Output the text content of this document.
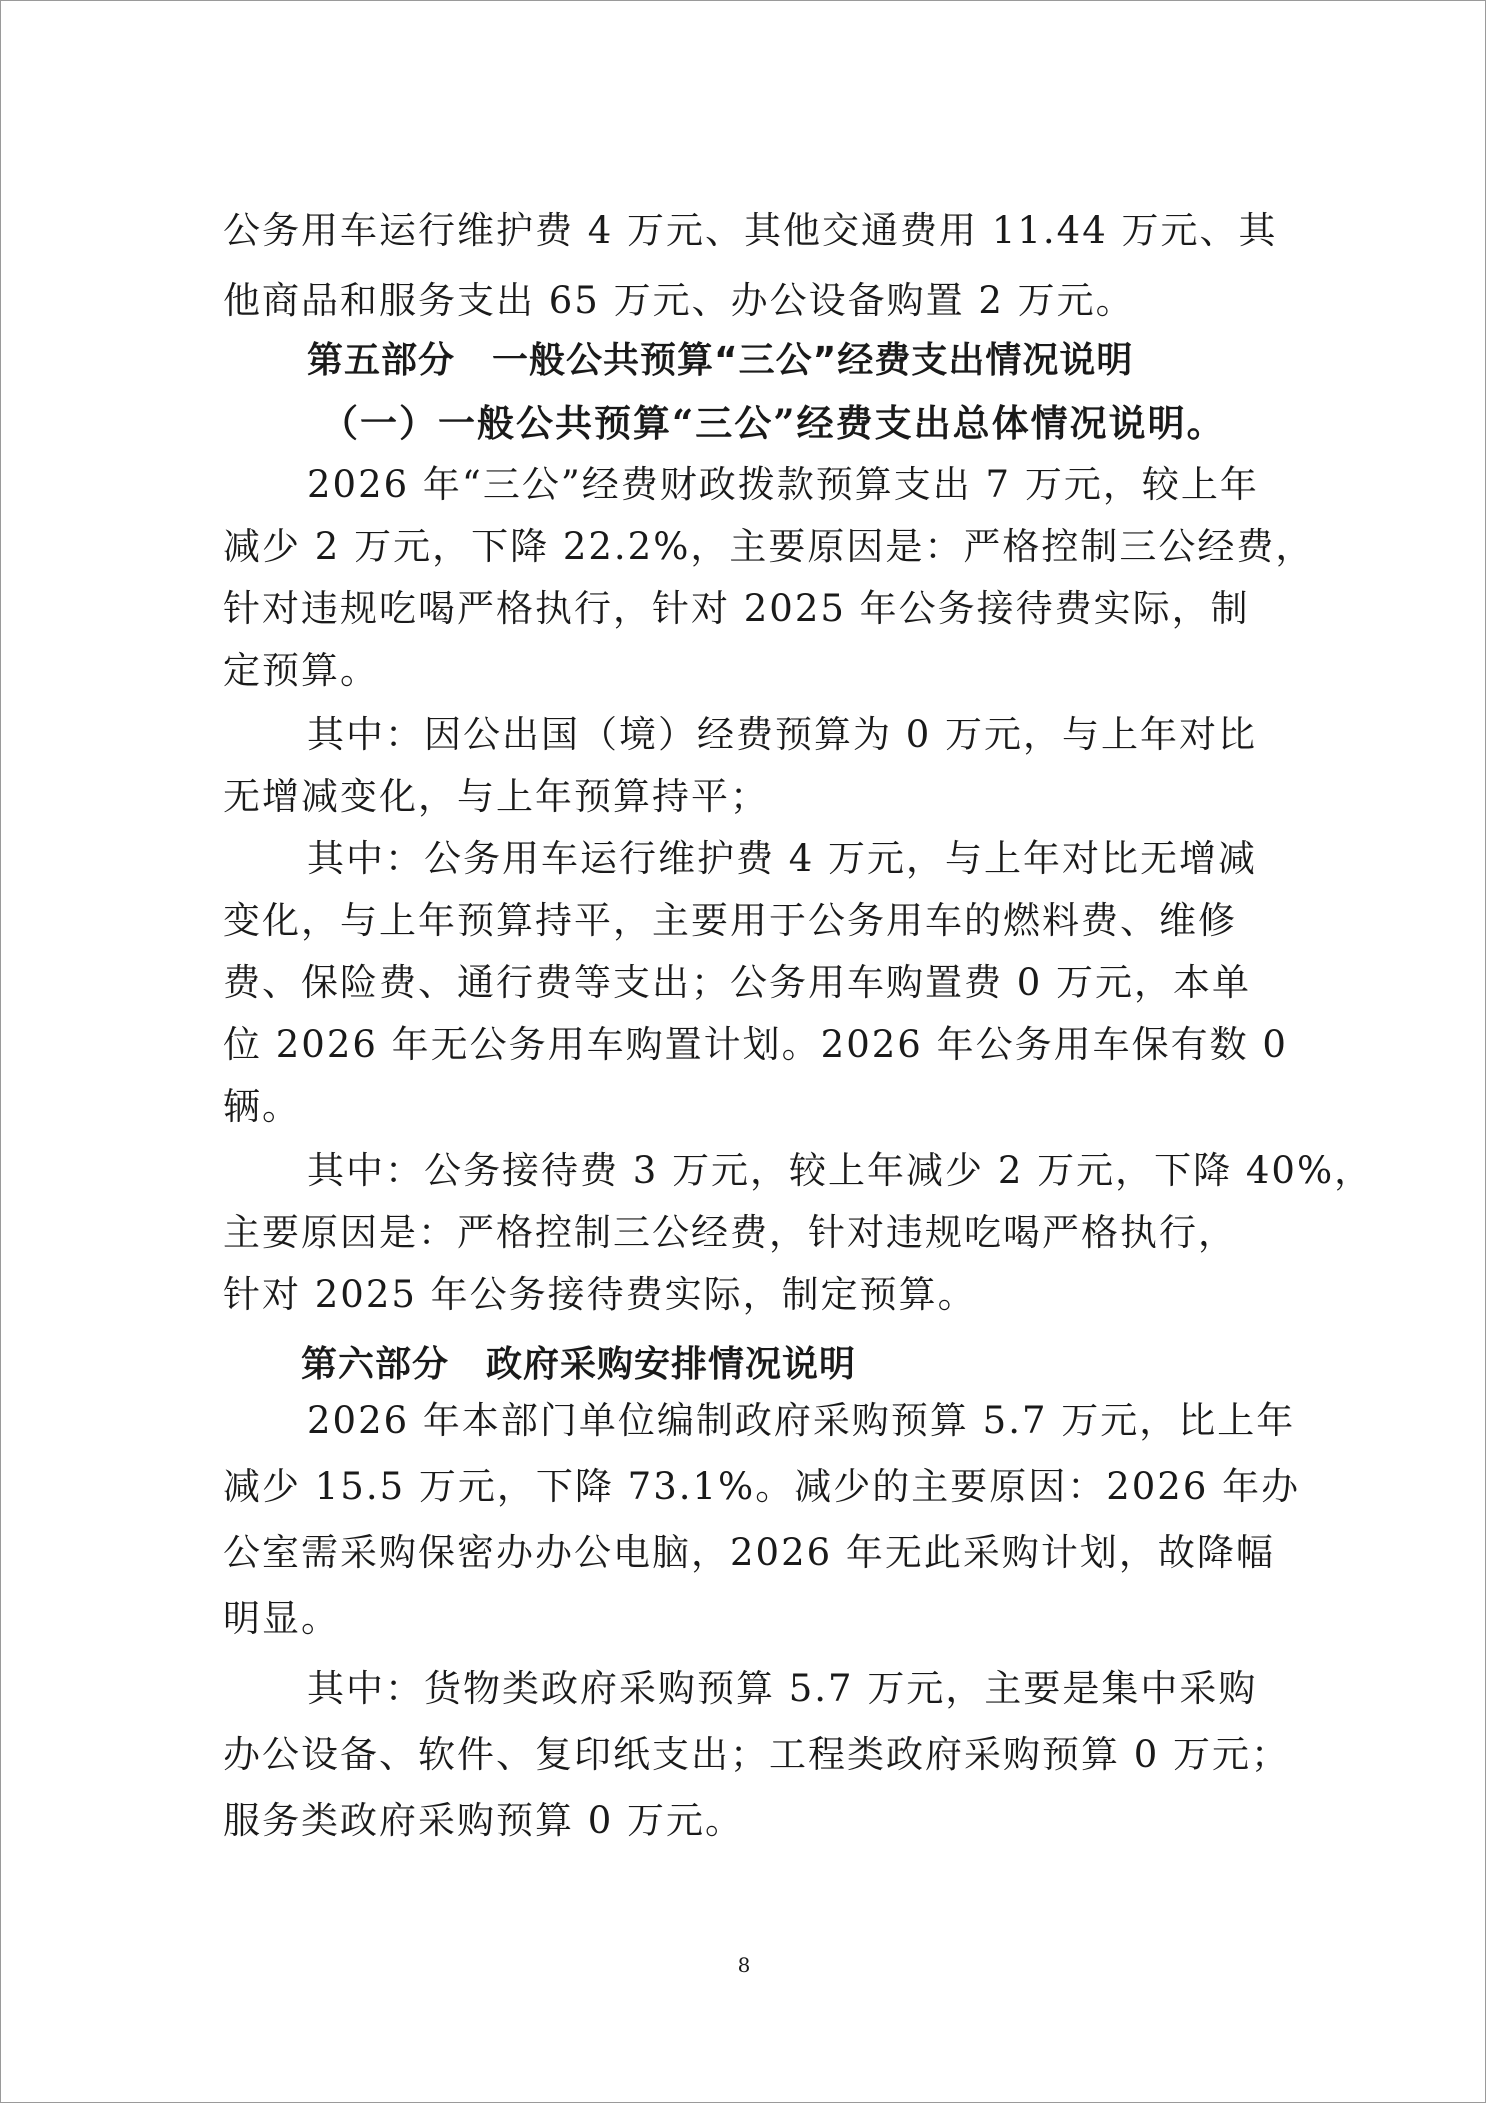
公务用车运行维护费 4 万元、其他交通费用 11.44 万元、其
他商品和服务支出 65 万元、办公设备购置 2 万元。
第五部分　一般公共预算“三公”经费支出情况说明
（一）一般公共预算“三公”经费支出总体情况说明。
2026 年“三公”经费财政拨款预算支出 7 万元，较上年
减少 2 万元，下降 22.2%，主要原因是：严格控制三公经费，
针对违规吃喝严格执行，针对 2025 年公务接待费实际，制
定预算。
其中：因公出国（境）经费预算为 0 万元，与上年对比
无增减变化，与上年预算持平；
其中：公务用车运行维护费 4 万元，与上年对比无增减
变化，与上年预算持平，主要用于公务用车的燃料费、维修
费、保险费、通行费等支出；公务用车购置费 0 万元，本单
位 2026 年无公务用车购置计划。2026 年公务用车保有数 0
辆。
其中：公务接待费 3 万元，较上年减少 2 万元，下降 40%，
主要原因是：严格控制三公经费，针对违规吃喝严格执行，
针对 2025 年公务接待费实际，制定预算。
第六部分　政府采购安排情况说明
2026 年本部门单位编制政府采购预算 5.7 万元，比上年
减少 15.5 万元，下降 73.1%。减少的主要原因：2026 年办
公室需采购保密办办公电脑，2026 年无此采购计划，故降幅
明显。
其中：货物类政府采购预算 5.7 万元，主要是集中采购
办公设备、软件、复印纸支出；工程类政府采购预算 0 万元；
服务类政府采购预算 0 万元。
8
